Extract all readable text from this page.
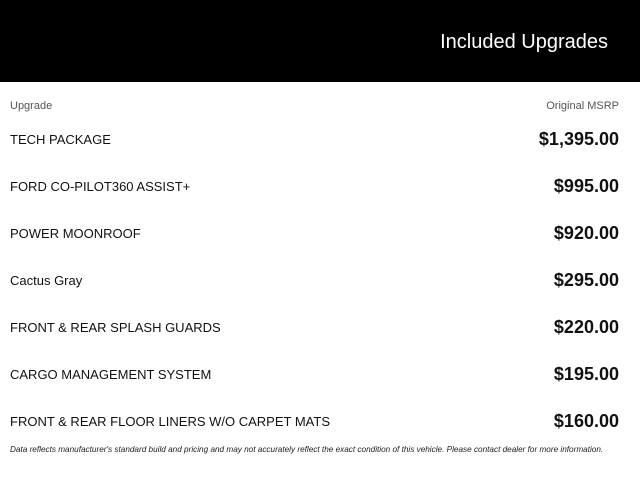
Included Upgrades
Upgrade	Original MSRP
TECH PACKAGE	$1,395.00
FORD CO-PILOT360 ASSIST+	$995.00
POWER MOONROOF	$920.00
Cactus Gray	$295.00
FRONT & REAR SPLASH GUARDS	$220.00
CARGO MANAGEMENT SYSTEM	$195.00
FRONT & REAR FLOOR LINERS W/O CARPET MATS	$160.00
Data reflects manufacturer's standard build and pricing and may not accurately reflect the exact condition of this vehicle. Please contact dealer for more information.
